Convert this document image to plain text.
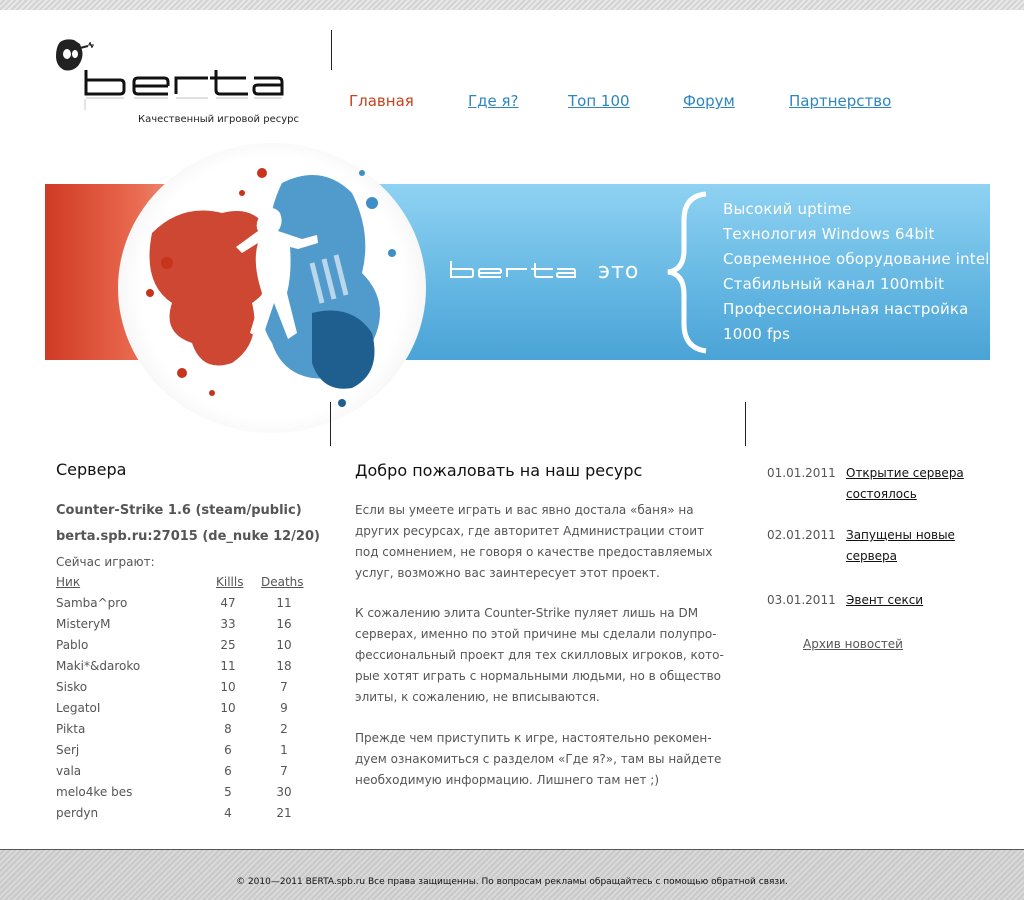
Качественный игровой ресурс
Главная	Где я?	Топ 100	Форум	Партнерство
это
Высокий uptime
Технология Windows 64bit
Современное оборудование intel
Стабильный канал 100mbit
Профессиональная настройка
1000 fps
Сервера
Counter-Strike 1.6 (steam/public)
berta.spb.ru:27015 (de_nuke 12/20)
Сейчас играют:
Ник	Killls Deaths
Samba^pro	47	11
MisteryM	33	16
Pablo	25	10
Maki*&daroko	11	18
Sisko	10	7
LegatoI	10	9
Pikta	8	2
Serj	6	1
vala	6	7
melo4ke bes	5	30
perdyn	4	21
Добро пожаловать на наш ресурс

Если вы умеете играть и вас явно достала «баня» на

других ресурсах, где авторитет Администрации стоит

под сомнением, не говоря о качестве предоставляемых

услуг, возможно вас заинтересует этот проект.

К сожалению элита Counter-Strike пуляет лишь на DM

серверах, именно по этой причине мы сделали полупро-

фессиональный проект для тех скилловых игроков, кото-

рые хотят играть с нормальными людьми, но в общество

элиты, к сожалению, не вписываются.

Прежде чем приступить к игре, настоятельно рекомен-

дуем ознакомиться с разделом «Где я?», там вы найдете

необходимую информацию. Лишнего там нет ;)

01.01.2011 Открытие сервера
состоялось
02.01.2011 Запущены новые
сервера
03.01.2011 Эвент секси
Архив новостей
© 2010—2011 BERTA.spb.ru Все права защищенны. По вопросам рекламы обращайтесь с помощью обратной связи.
